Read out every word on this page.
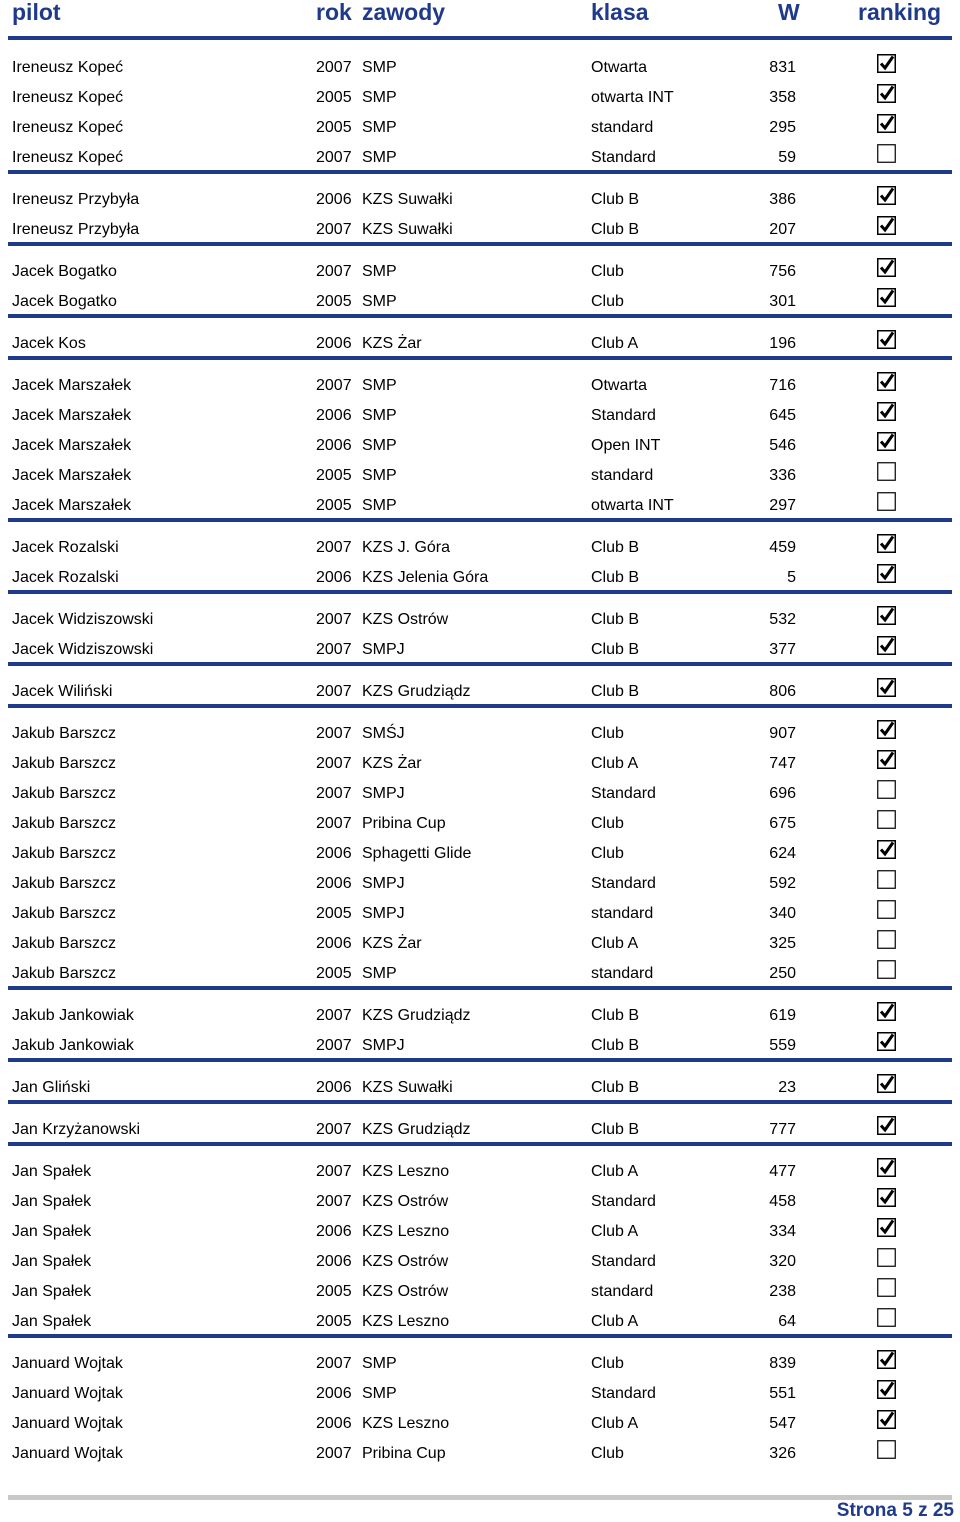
pilot	rok zawody	klasa	W	ranking
Ireneusz Kopeć	2007 SMP	Otwarta	831
Ireneusz Kopeć	2005 SMP	otwarta INT	358
Ireneusz Kopeć	2005 SMP	standard	295
Ireneusz Kopeć	2007 SMP	Standard	59
Ireneusz Przybyła	2006 KZS Suwałki	Club B	386
Ireneusz Przybyła	2007 KZS Suwałki	Club B	207
Jacek Bogatko	2007 SMP	Club	756
Jacek Bogatko	2005 SMP	Club	301
Jacek Kos	2006 KZS Żar	Club A	196
Jacek Marszałek	2007 SMP	Otwarta	716
Jacek Marszałek	2006 SMP	Standard	645
Jacek Marszałek	2006 SMP	Open INT	546
Jacek Marszałek	2005 SMP	standard	336
Jacek Marszałek	2005 SMP	otwarta INT	297
Jacek Rozalski	2007 KZS J. Góra	Club B	459
Jacek Rozalski	2006 KZS Jelenia Góra	Club B	5
Jacek Widziszowski	2007 KZS Ostrów	Club B	532
Jacek Widziszowski	2007 SMPJ	Club B	377
Jacek Wiliński	2007 KZS Grudziądz	Club B	806
Jakub Barszcz	2007 SMŚJ	Club	907
Jakub Barszcz	2007 KZS Żar	Club A	747
Jakub Barszcz	2007 SMPJ	Standard	696
Jakub Barszcz	2007 Pribina Cup	Club	675
Jakub Barszcz	2006 Sphagetti Glide	Club	624
Jakub Barszcz	2006 SMPJ	Standard	592
Jakub Barszcz	2005 SMPJ	standard	340
Jakub Barszcz	2006 KZS Żar	Club A	325
Jakub Barszcz	2005 SMP	standard	250
Jakub Jankowiak	2007 KZS Grudziądz	Club B	619
Jakub Jankowiak	2007 SMPJ	Club B	559
Jan Gliński	2006 KZS Suwałki	Club B	23
Jan Krzyżanowski	2007 KZS Grudziądz	Club B	777
Jan Spałek	2007 KZS Leszno	Club A	477
Jan Spałek	2007 KZS Ostrów	Standard	458
Jan Spałek	2006 KZS Leszno	Club A	334
Jan Spałek	2006 KZS Ostrów	Standard	320
Jan Spałek	2005 KZS Ostrów	standard	238
Jan Spałek	2005 KZS Leszno	Club A	64
Januard Wojtak	2007 SMP	Club	839
Januard Wojtak	2006 SMP	Standard	551
Januard Wojtak	2006 KZS Leszno	Club A	547
Januard Wojtak	2007 Pribina Cup	Club	326
Strona 5 z 25
